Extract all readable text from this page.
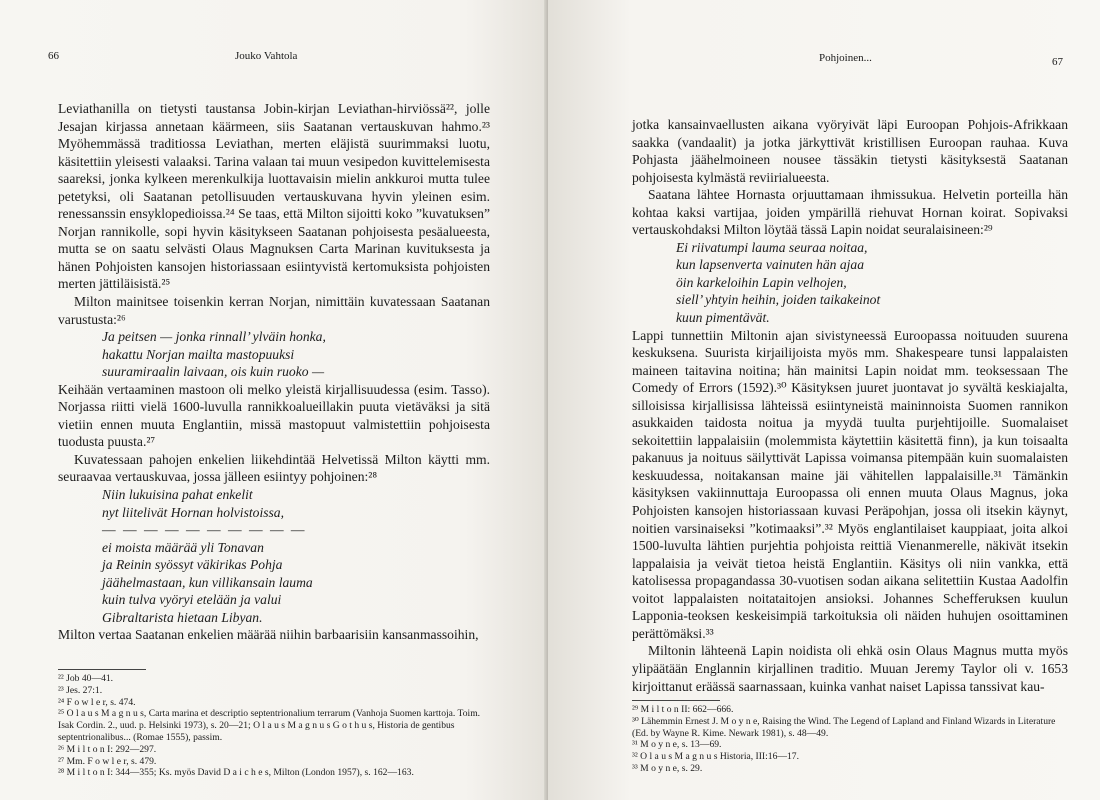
66	Jouko Vahtola

Leviathanilla on tietysti taustansa Jobin-kirjan Leviathan-hirviössä²², jolle Jesajan kirjassa annetaan käärmeen, siis Saatanan vertauskuvan hahmo.²³ Myöhemmässä traditiossa Leviathan, merten eläjistä suurimmaksi luotu, käsitettiin yleisesti valaaksi. Tarina valaan tai muun vesipedon kuvittelemisesta saareksi, jonka kylkeen merenkulkija luottavaisin mielin ankkuroi mutta tulee petetyksi, oli Saatanan petollisuuden vertauskuvana hyvin yleinen esim. renessanssin ensyklopedioissa.²⁴ Se taas, että Milton sijoitti koko ”kuvatuksen” Norjan rannikolle, sopi hyvin käsitykseen Saatanan pohjoisesta pesäalueesta, mutta se on saatu selvästi Olaus Magnuksen Carta Marinan kuvituksesta ja hänen Pohjoisten kansojen historiassaan esiintyvistä kertomuksista pohjoisten merten jättiläisistä.²⁵

Milton mainitsee toisenkin kerran Norjan, nimittäin kuvatessaan Saatanan varustusta:²⁶

Ja peitsen — jonka rinnall’ ylväin honka,
hakattu Norjan mailta mastopuuksi
suuramiraalin laivaan, ois kuin ruoko —

Keihään vertaaminen mastoon oli melko yleistä kirjallisuudessa (esim. Tasso). Norjassa riitti vielä 1600-luvulla rannikkoalueillakin puuta vietäväksi ja sitä vietiin ennen muuta Englantiin, missä mastopuut valmistettiin pohjoisesta tuodusta puusta.²⁷

Kuvatessaan pahojen enkelien liikehdintää Helvetissä Milton käytti mm. seuraavaa vertauskuvaa, jossa jälleen esiintyy pohjoinen:²⁸

Niin lukuisina pahat enkelit
nyt liitelivät Hornan holvistoissa,
— — — — — — — — — —
ei moista määrää yli Tonavan
ja Reinin syössyt väkirikas Pohja
jäähelmastaan, kun villikansain lauma
kuin tulva vyöryi etelään ja valui
Gibraltarista hietaan Libyan.

Milton vertaa Saatanan enkelien määrää niihin barbaarisiin kansanmassoihin,

²² Job 40—41.
²³ Jes. 27:1.
²⁴ F o w l e r, s. 474.
²⁵ O l a u s M a g n u s, Carta marina et descriptio septentrionalium terrarum (Vanhoja Suomen karttoja. Toim. Isak Cordin. 2., uud. p. Helsinki 1973), s. 20—21; O l a u s M a g n u s G o t h u s, Historia de gentibus septentrionalibus... (Romae 1555), passim.
²⁶ M i l t o n I: 292—297.
²⁷ Mm. F o w l e r, s. 479.
²⁸ M i l t o n I: 344—355; Ks. myös David D a i c h e s, Milton (London 1957), s. 162—163.
Pohjoinen...	67

jotka kansainvaellusten aikana vyöryivät läpi Euroopan Pohjois-Afrikkaan saakka (vandaalit) ja jotka järkyttivät kristillisen Euroopan rauhaa. Kuva Pohjasta jäähelmoineen nousee tässäkin tietysti käsityksestä Saatanan pohjoisesta kylmästä reviirialueesta.

Saatana lähtee Hornasta orjuuttamaan ihmissukua. Helvetin porteilla hän kohtaa kaksi vartijaa, joiden ympärillä riehuvat Hornan koirat. Sopivaksi vertauskohdaksi Milton löytää tässä Lapin noidat seuralaisineen:²⁹

Ei riivatumpi lauma seuraa noitaa,
kun lapsenverta vainuten hän ajaa
öin karkeloihin Lapin velhojen,
siell’ yhtyin heihin, joiden taikakeinot
kuun pimentävät.

Lappi tunnettiin Miltonin ajan sivistyneessä Euroopassa noituuden suurena keskuksena. Suurista kirjailijoista myös mm. Shakespeare tunsi lappalaisten maineen taitavina noitina; hän mainitsi Lapin noidat mm. teoksessaan The Comedy of Errors (1592).³⁰ Käsityksen juuret juontavat jo syvältä keskiajalta, silloisissa kirjallisissa lähteissä esiintyneistä maininnoista Suomen rannikon asukkaiden taidosta noitua ja myydä tuulta purjehtijoille. Suomalaiset sekoitettiin lappalaisiin (molemmista käytettiin käsitettä finn), ja kun toisaalta pakanuus ja noituus säilyttivät Lapissa voimansa pitempään kuin suomalaisten keskuudessa, noitakansan maine jäi vähitellen lappalaisille.³¹ Tämänkin käsityksen vakiinnuttaja Euroopassa oli ennen muuta Olaus Magnus, joka Pohjoisten kansojen historiassaan kuvasi Peräpohjan, jossa oli itsekin käynyt, noitien varsinaiseksi ”kotimaaksi”.³² Myös englantilaiset kauppiaat, joita alkoi 1500-luvulta lähtien purjehtia pohjoista reittiä Vienanmerelle, näkivät itsekin lappalaisia ja veivät tietoa heistä Englantiin. Käsitys oli niin vankka, että katolisessa propagandassa 30-vuotisen sodan aikana selitettiin Kustaa Aadolfin voitot lappalaisten noitataitojen ansioksi. Johannes Schefferuksen kuulun Lapponia-teoksen keskeisimpiä tarkoituksia oli näiden huhujen osoittaminen perättömäksi.³³

Miltonin lähteenä Lapin noidista oli ehkä osin Olaus Magnus mutta myös ylipäätään Englannin kirjallinen traditio. Muuan Jeremy Taylor oli v. 1653 kirjoittanut eräässä saarnassaan, kuinka vanhat naiset Lapissa tanssivat kau-

²⁹ M i l t o n II: 662—666.
³⁰ Lähemmin Ernest J. M o y n e, Raising the Wind. The Legend of Lapland and Finland Wizards in Literature (Ed. by Wayne R. Kime. Newark 1981), s. 48—49.
³¹ M o y n e, s. 13—69.
³² O l a u s M a g n u s Historia, III:16—17.
³³ M o y n e, s. 29.
